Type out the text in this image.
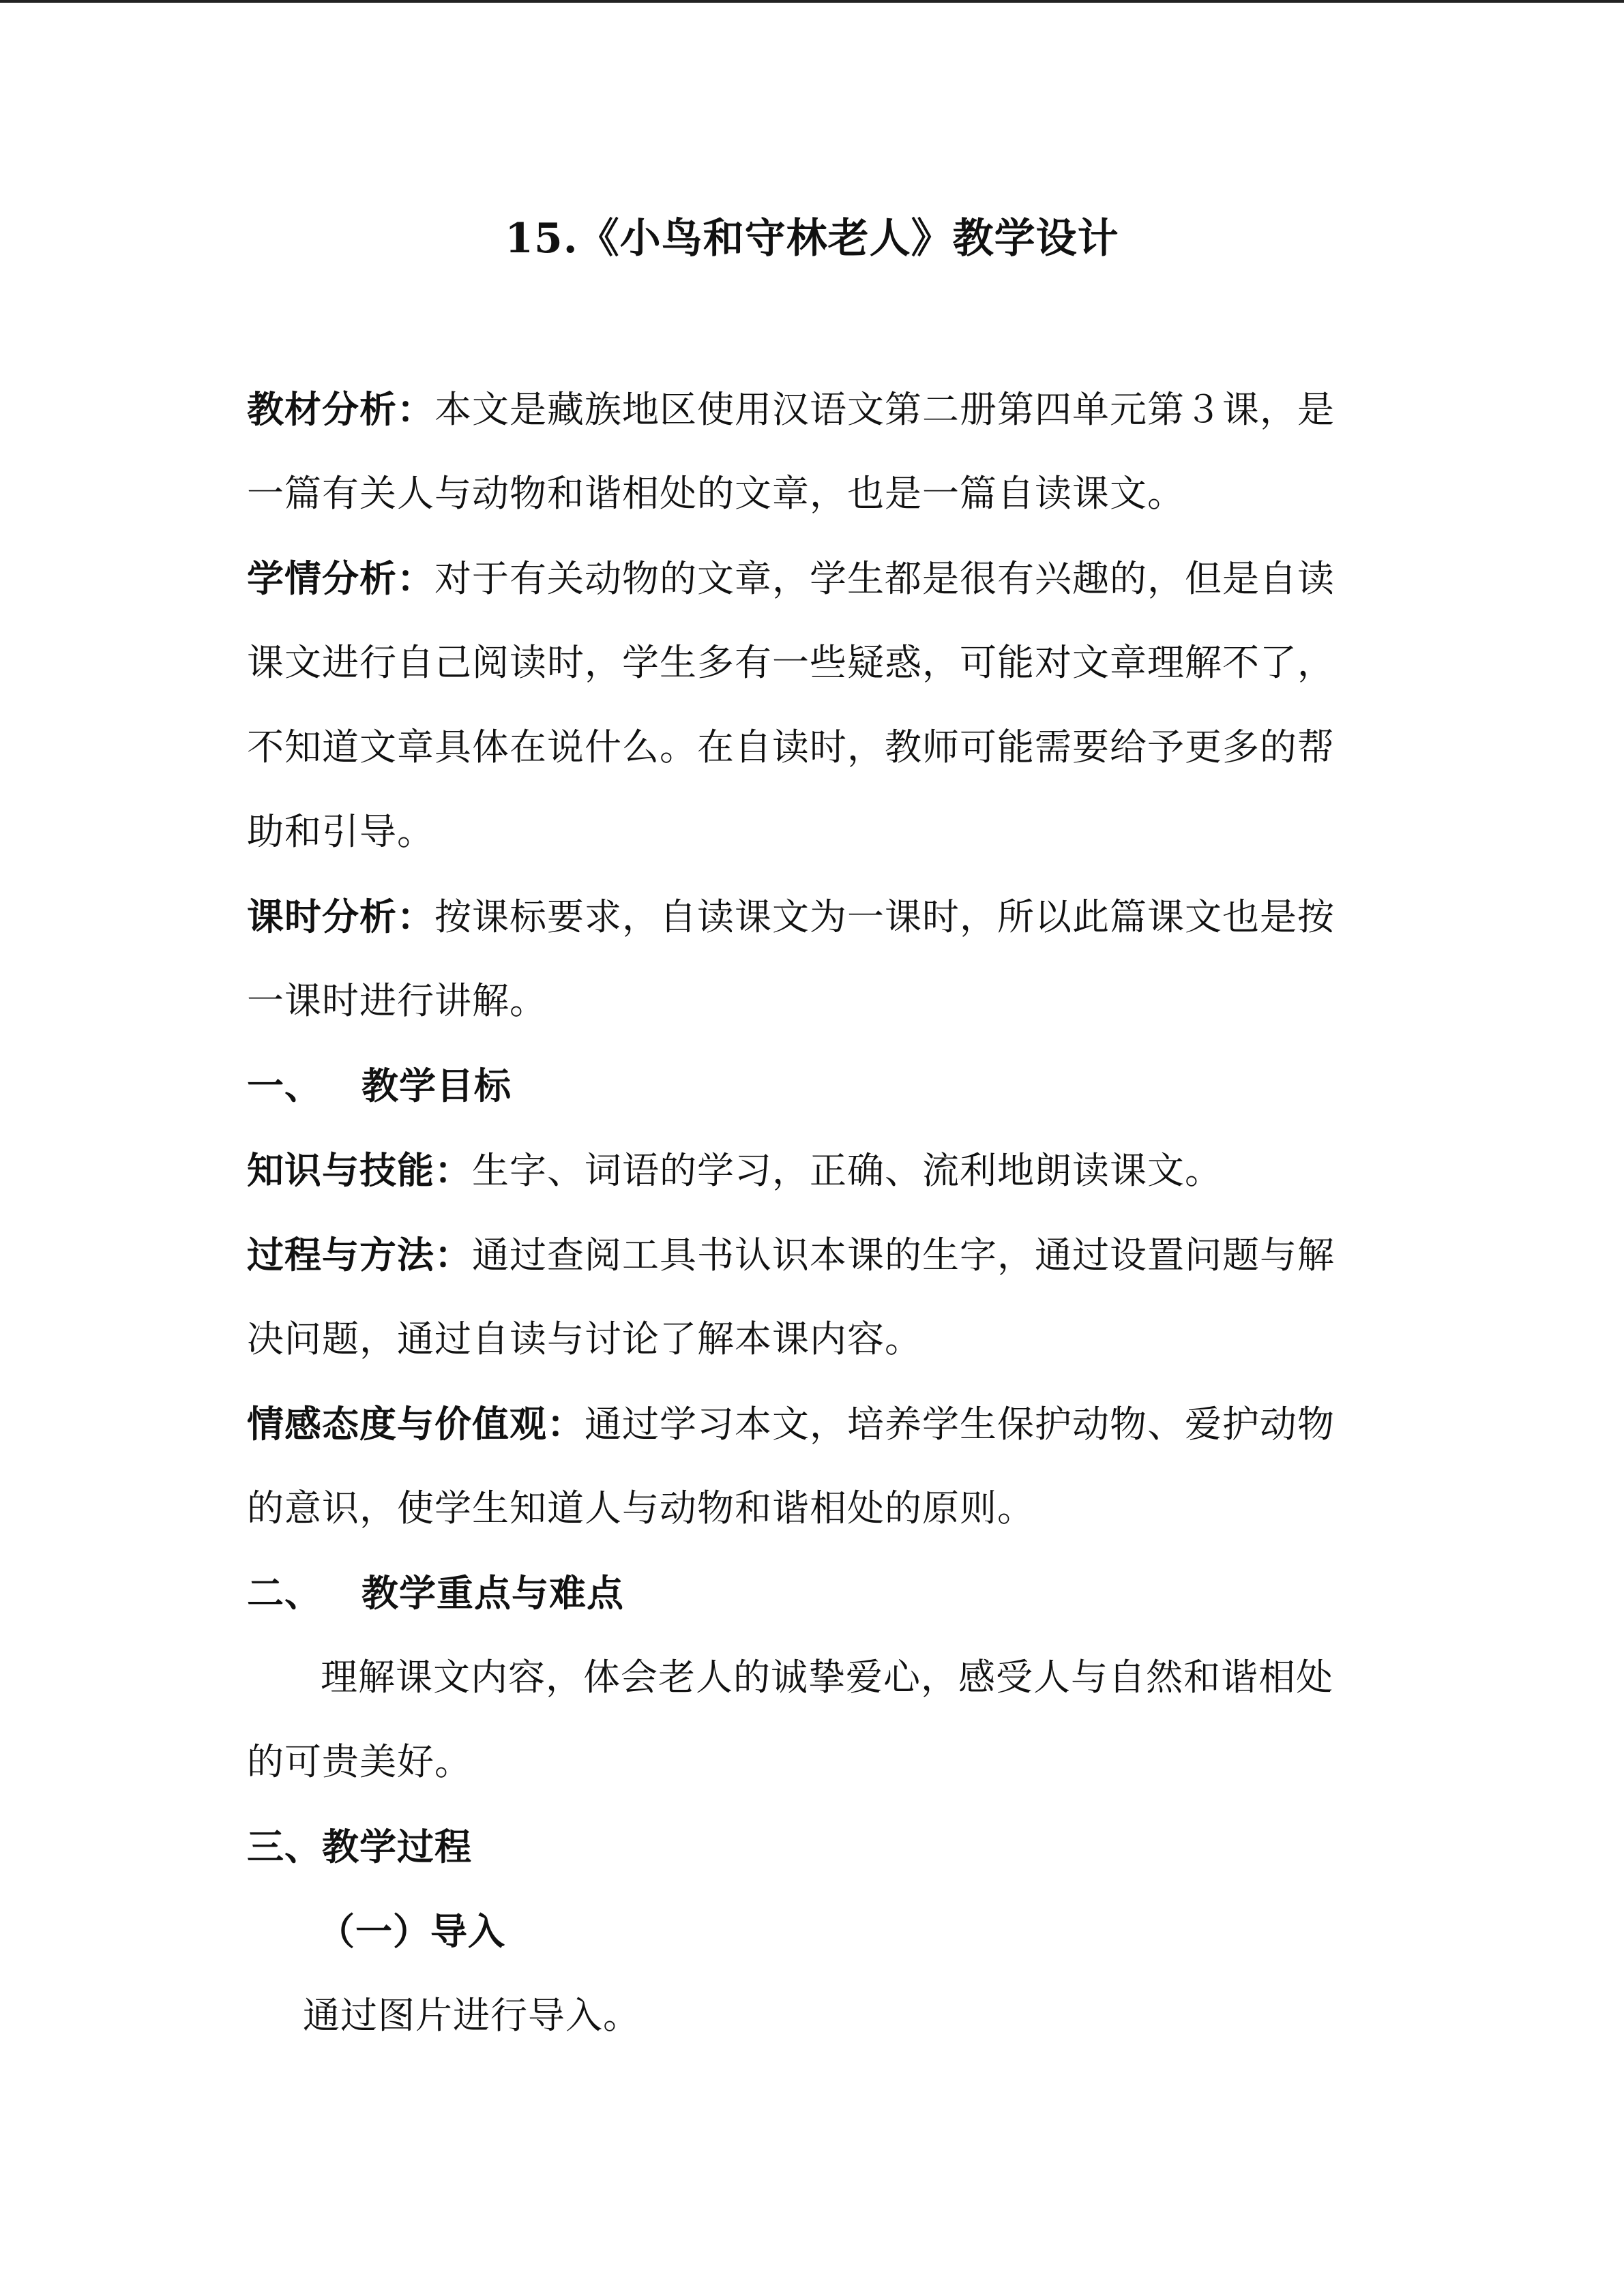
15.《小鸟和守林老人》教学设计
教材分析：本文是藏族地区使用汉语文第二册第四单元第３课，是
一篇有关人与动物和谐相处的文章，也是一篇自读课文。
学情分析：对于有关动物的文章，学生都是很有兴趣的，但是自读
课文进行自己阅读时，学生多有一些疑惑，可能对文章理解不了，
不知道文章具体在说什么。在自读时，教师可能需要给予更多的帮
助和引导。
课时分析：按课标要求，自读课文为一课时，所以此篇课文也是按
一课时进行讲解。
一、 教学目标
知识与技能：生字、词语的学习，正确、流利地朗读课文。
过程与方法：通过查阅工具书认识本课的生字，通过设置问题与解
决问题，通过自读与讨论了解本课内容。
情感态度与价值观：通过学习本文，培养学生保护动物、爱护动物
的意识，使学生知道人与动物和谐相处的原则。
二、 教学重点与难点
理解课文内容，体会老人的诚挚爱心，感受人与自然和谐相处
的可贵美好。
三、教学过程
（一）导入
通过图片进行导入。
